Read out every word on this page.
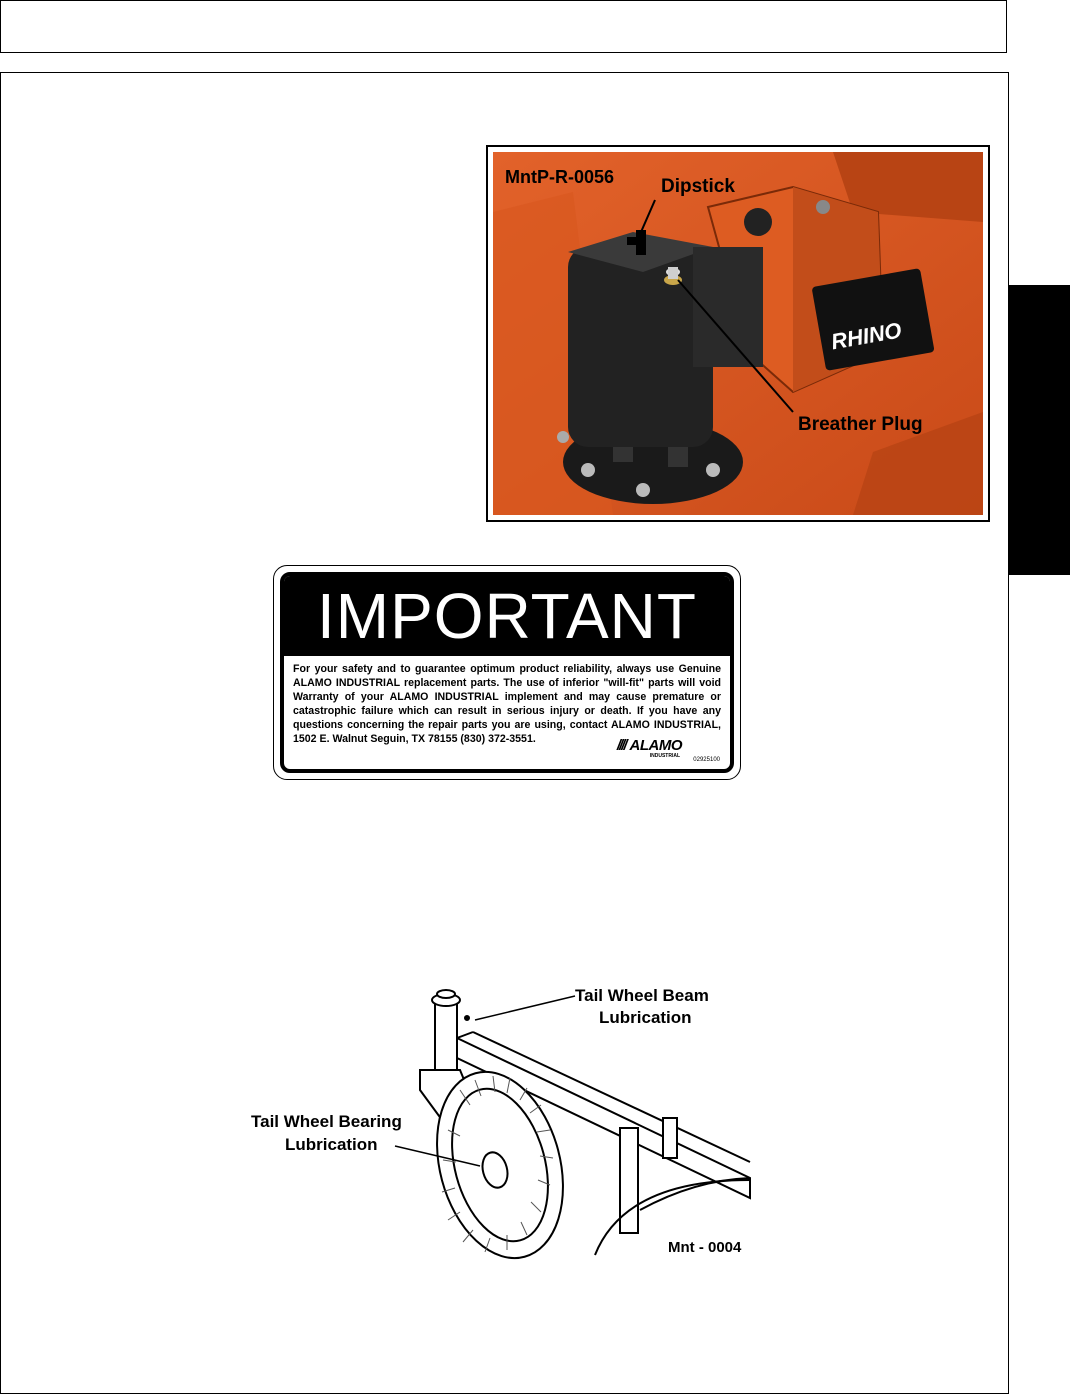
RHINO
MntP-R-0056 Dipstick
Breather Plug
IMPORTANT
For your safety and to guarantee optimum product reliability, always use Genuine ALAMO INDUSTRIAL replacement parts. The use of inferior "will-fit" parts will void Warranty of your ALAMO INDUSTRIAL implement and may cause premature or catastrophic failure which can result in serious injury or death. If you have any questions concerning the repair parts you are using, contact ALAMO INDUSTRIAL, 1502 E. Walnut Seguin, TX 78155 (830) 372-3551.	//// ALAMO
INDUSTRIAL
02925100
Tail Wheel Beam
Lubrication
Tail Wheel Bearing
Lubrication
Mnt - 0004
